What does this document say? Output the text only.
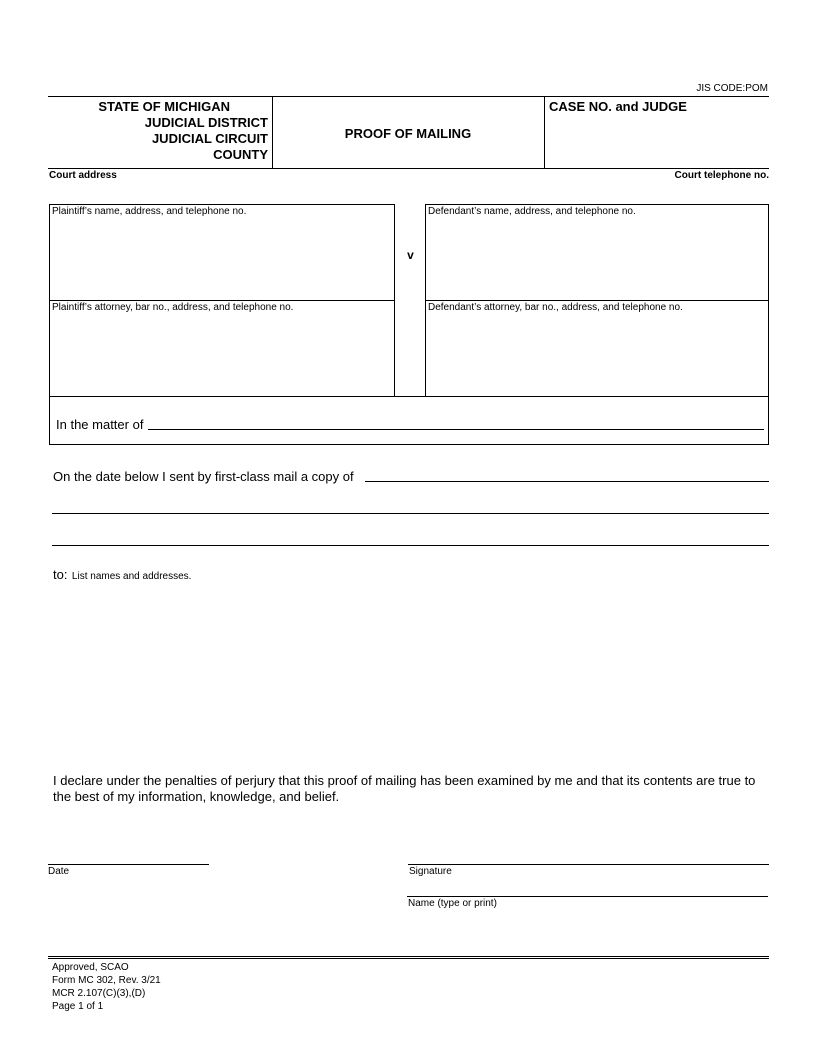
JIS CODE:POM
STATE OF MICHIGAN
JUDICIAL DISTRICT
JUDICIAL CIRCUIT
COUNTY
PROOF OF MAILING
CASE NO. and JUDGE
Court address	Court telephone no.
Plaintiff’s name, address, and telephone no.
Plaintiff’s attorney, bar no., address, and telephone no.
v
Defendant’s name, address, and telephone no.
Defendant’s attorney, bar no., address, and telephone no.
In the matter of
On the date below I sent by first-class mail a copy of
to: List names and addresses.
I declare under the penalties of perjury that this proof of mailing has been examined by me and that its contents are true to the best of my information, knowledge, and belief.
Date	Signature
Name (type or print)
Approved, SCAO
Form MC 302, Rev. 3/21
MCR 2.107(C)(3),(D)
Page 1 of 1
